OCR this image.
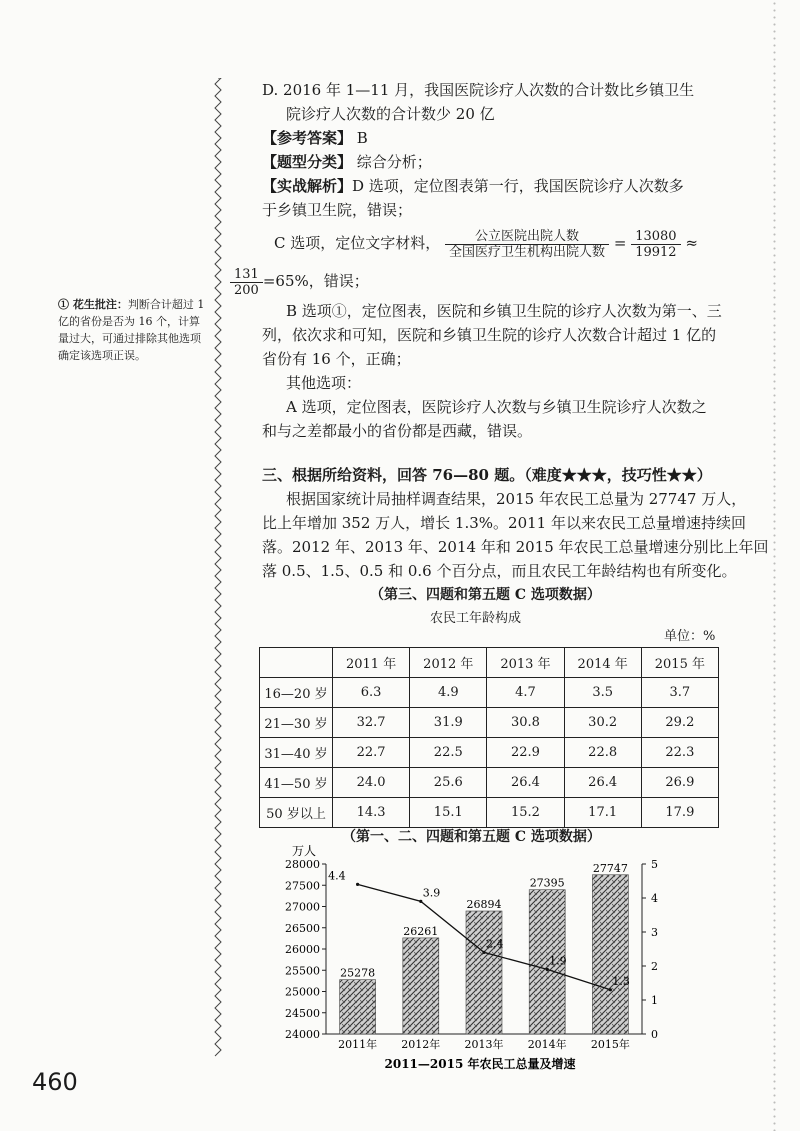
D. 2016 年 1—11 月，我国医院诊疗人次数的合计数比乡镇卫生
院诊疗人次数的合计数少 20 亿
【参考答案】 B
【题型分类】 综合分析；
【实战解析】D 选项，定位图表第一行，我国医院诊疗人次数多
于乡镇卫生院，错误；
C 选项，定位文字材料， $\frac{\text{公立医院出院人数}}{\text{全国医疗卫生机构出院人数}} = \frac{13080}{19912}$ ≈
$\frac{131}{200} =65\%$，错误；
B 选项①，定位图表，医院和乡镇卫生院的诊疗人次数为第一、三
列，依次求和可知，医院和乡镇卫生院的诊疗人次数合计超过 1 亿的
省份有 16 个，正确；
其他选项：
A 选项，定位图表，医院诊疗人次数与乡镇卫生院诊疗人次数之
和与之差都最小的省份都是西藏，错误。
① 花生批注：判断合计超过 1 亿的省份是否为 16 个，计算量过大，可通过排除其他选项确定该选项正误。
三、根据所给资料，回答 76—80 题。（难度★★★，技巧性★★）
根据国家统计局抽样调查结果，2015 年农民工总量为 27747 万人，
比上年增加 352 万人，增长 1.3%。2011 年以来农民工总量增速持续回
落。2012 年、2013 年、2014 年和 2015 年农民工总量增速分别比上年回
落 0.5、1.5、0.5 和 0.6 个百分点，而且农民工年龄结构也有所变化。
（第三、四题和第五题 C 选项数据）
农民工年龄构成
单位：%
	2011 年	2012 年	2013 年	2014 年	2015 年
16—20 岁	6.3	4.9	4.7	3.5	3.7
21—30 岁	32.7	31.9	30.8	30.2	29.2
31—40 岁	22.7	22.5	22.9	22.8	22.3
41—50 岁	24.0	25.6	26.4	26.4	26.9
50 岁以上	14.3	15.1	15.2	17.1	17.9
（第一、二、四题和第五题 C 选项数据）
万人
28000
27500
27000
26500
26000
25500
25000
24500
24000
5
4
3
2
1
0
25278
2011年
26261
2012年
26894
2013年
27395
2014年
27747
2015年
4.4
3.9
2.4
1.9
1.3
2011—2015 年农民工总量及增速
460
